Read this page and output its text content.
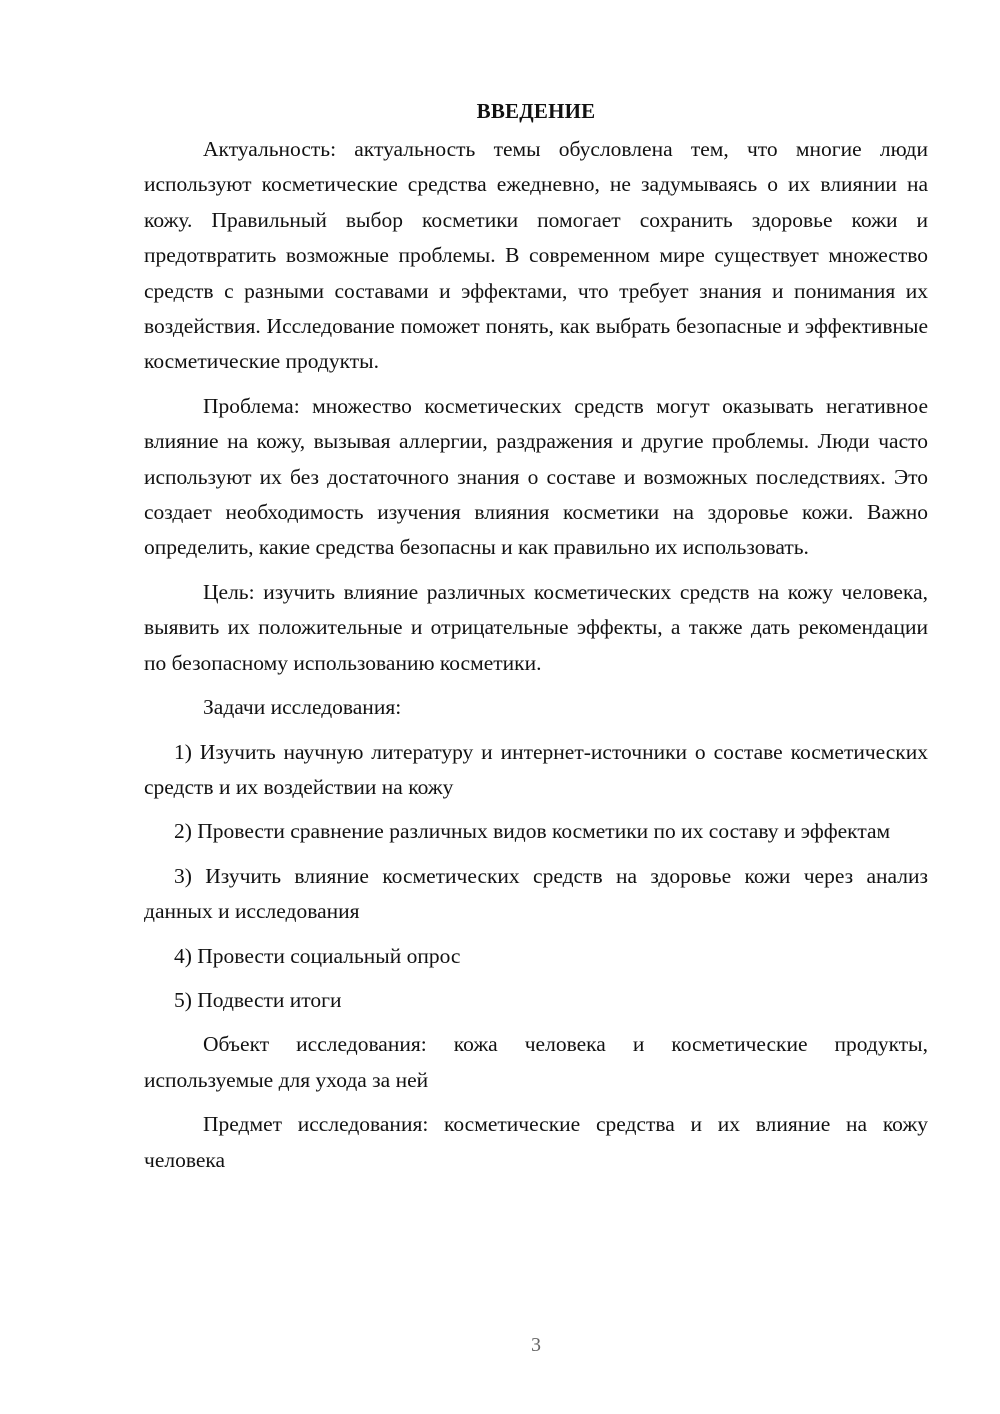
ВВЕДЕНИЕ

Актуальность: актуальность темы обусловлена тем, что многие люди используют косметические средства ежедневно, не задумываясь о их влиянии на кожу. Правильный выбор косметики помогает сохранить здоровье кожи и предотвратить возможные проблемы. В современном мире существует множество средств с разными составами и эффектами, что требует знания и понимания их воздействия. Исследование поможет понять, как выбрать безопасные и эффективные косметические продукты.

Проблема: множество косметических средств могут оказывать негативное влияние на кожу, вызывая аллергии, раздражения и другие проблемы. Люди часто используют их без достаточного знания о составе и возможных последствиях. Это создает необходимость изучения влияния косметики на здоровье кожи. Важно определить, какие средства безопасны и как правильно их использовать.

Цель: изучить влияние различных косметических средств на кожу человека, выявить их положительные и отрицательные эффекты, а также дать рекомендации по безопасному использованию косметики.

Задачи исследования:

1) Изучить научную литературу и интернет-источники о составе косметических средств и их воздействии на кожу

2) Провести сравнение различных видов косметики по их составу и эффектам

3) Изучить влияние косметических средств на здоровье кожи через анализ данных и исследования

4) Провести социальный опрос

5) Подвести итоги

Объект исследования: кожа человека и косметические продукты, используемые для ухода за ней

Предмет исследования: косметические средства и их влияние на кожу человека

3
